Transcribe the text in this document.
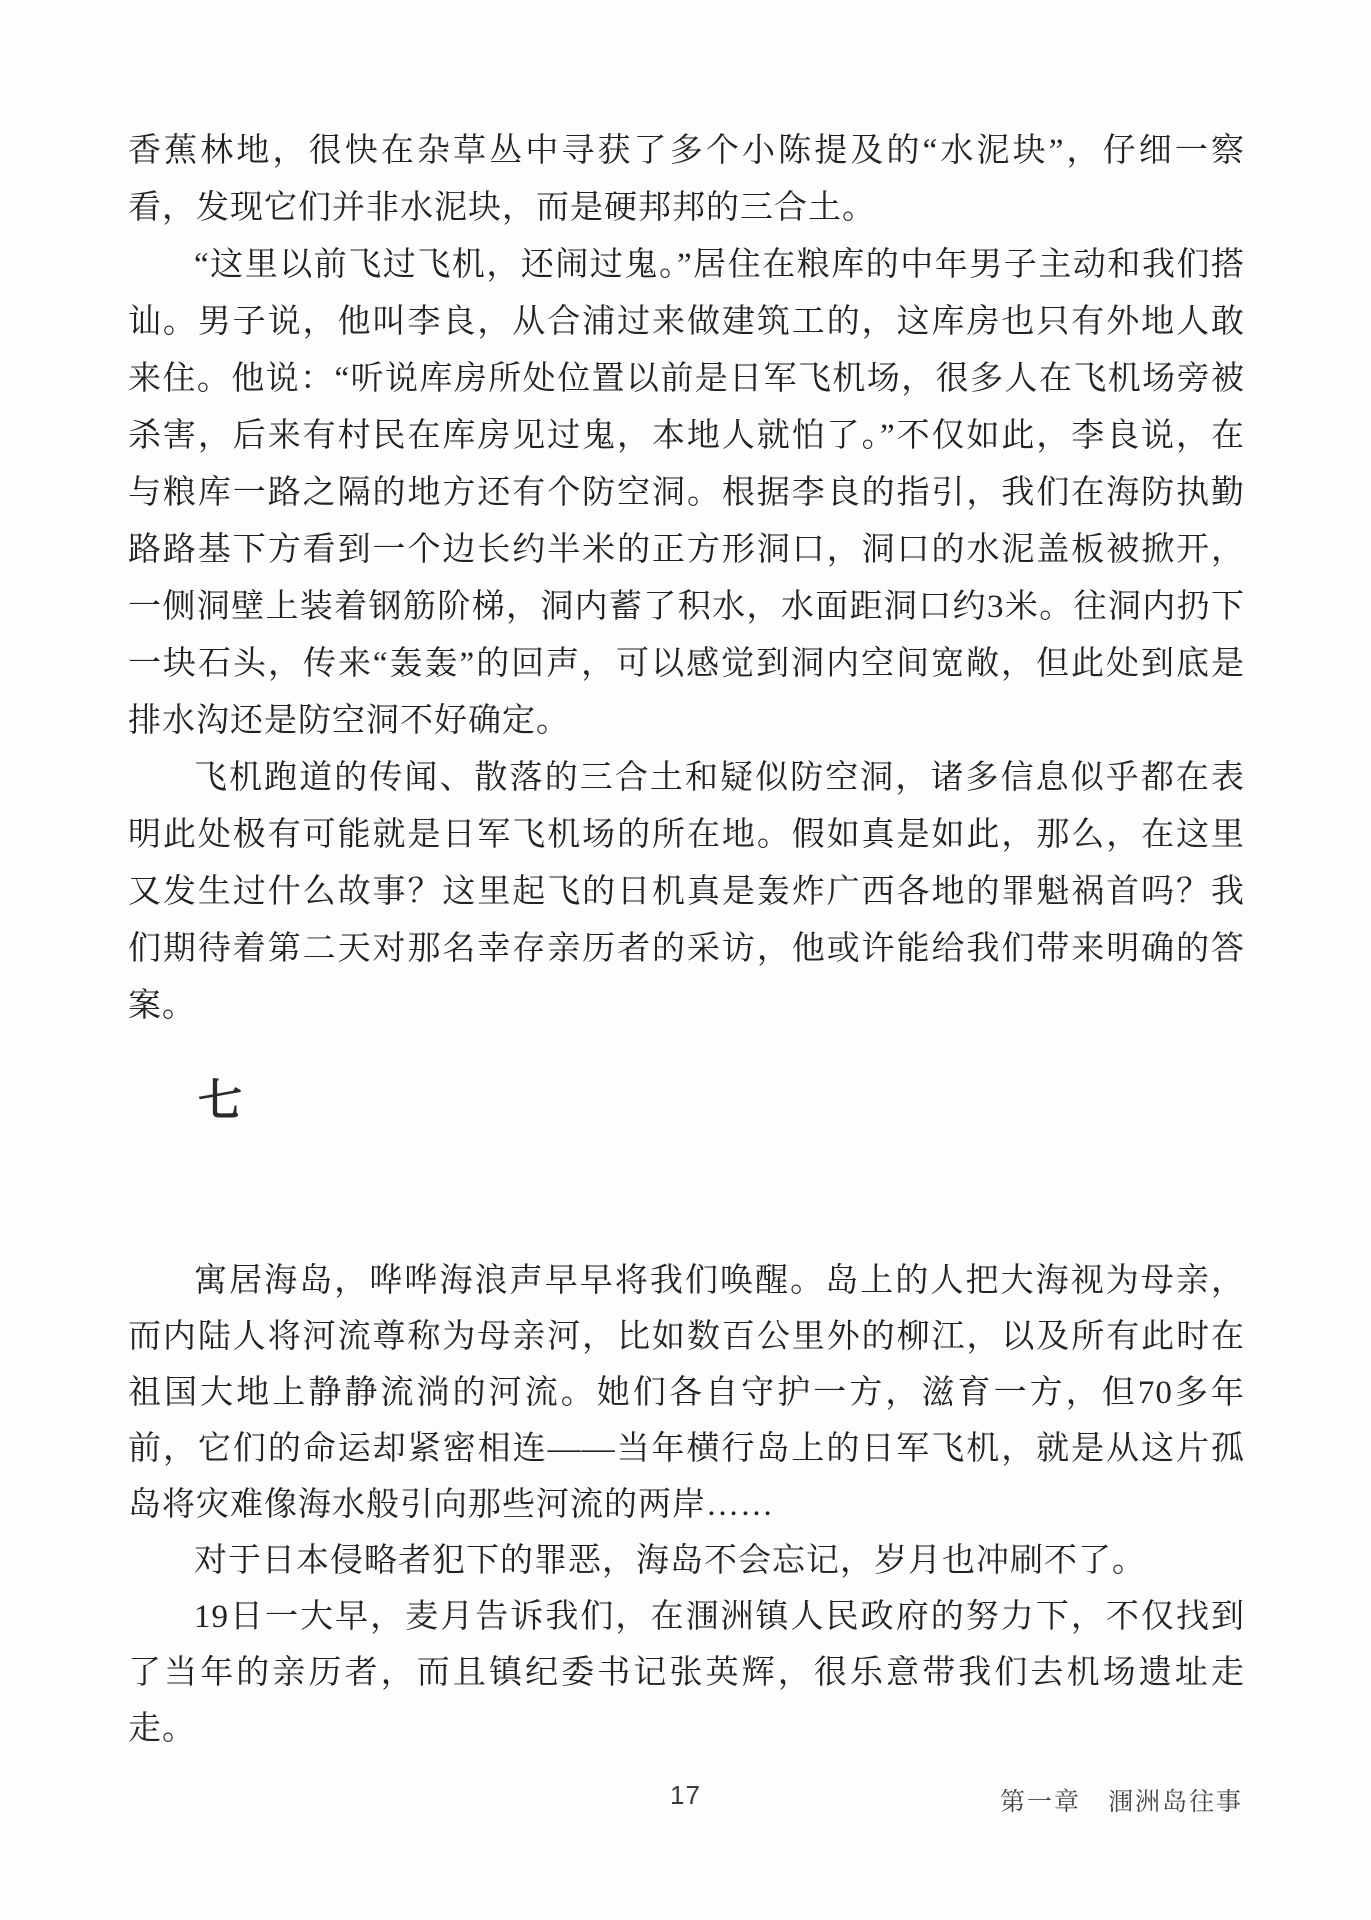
香蕉林地，很快在杂草丛中寻获了多个小陈提及的“水泥块”，仔细一察看，发现它们并非水泥块，而是硬邦邦的三合土。

“这里以前飞过飞机，还闹过鬼。”居住在粮库的中年男子主动和我们搭讪。男子说，他叫李良，从合浦过来做建筑工的，这库房也只有外地人敢来住。他说：“听说库房所处位置以前是日军飞机场，很多人在飞机场旁被杀害，后来有村民在库房见过鬼，本地人就怕了。”不仅如此，李良说，在与粮库一路之隔的地方还有个防空洞。根据李良的指引，我们在海防执勤路路基下方看到一个边长约半米的正方形洞口，洞口的水泥盖板被掀开，一侧洞壁上装着钢筋阶梯，洞内蓄了积水，水面距洞口约3米。往洞内扔下一块石头，传来“轰轰”的回声，可以感觉到洞内空间宽敞，但此处到底是排水沟还是防空洞不好确定。

飞机跑道的传闻、散落的三合土和疑似防空洞，诸多信息似乎都在表明此处极有可能就是日军飞机场的所在地。假如真是如此，那么，在这里又发生过什么故事？这里起飞的日机真是轰炸广西各地的罪魁祸首吗？我们期待着第二天对那名幸存亲历者的采访，他或许能给我们带来明确的答案。

七

寓居海岛，哗哗海浪声早早将我们唤醒。岛上的人把大海视为母亲，而内陆人将河流尊称为母亲河，比如数百公里外的柳江，以及所有此时在祖国大地上静静流淌的河流。她们各自守护一方，滋育一方，但70多年前，它们的命运却紧密相连——当年横行岛上的日军飞机，就是从这片孤岛将灾难像海水般引向那些河流的两岸……

对于日本侵略者犯下的罪恶，海岛不会忘记，岁月也冲刷不了。

19日一大早，麦月告诉我们，在涠洲镇人民政府的努力下，不仅找到了当年的亲历者，而且镇纪委书记张英辉，很乐意带我们去机场遗址走走。

17	第一章　涠洲岛往事
